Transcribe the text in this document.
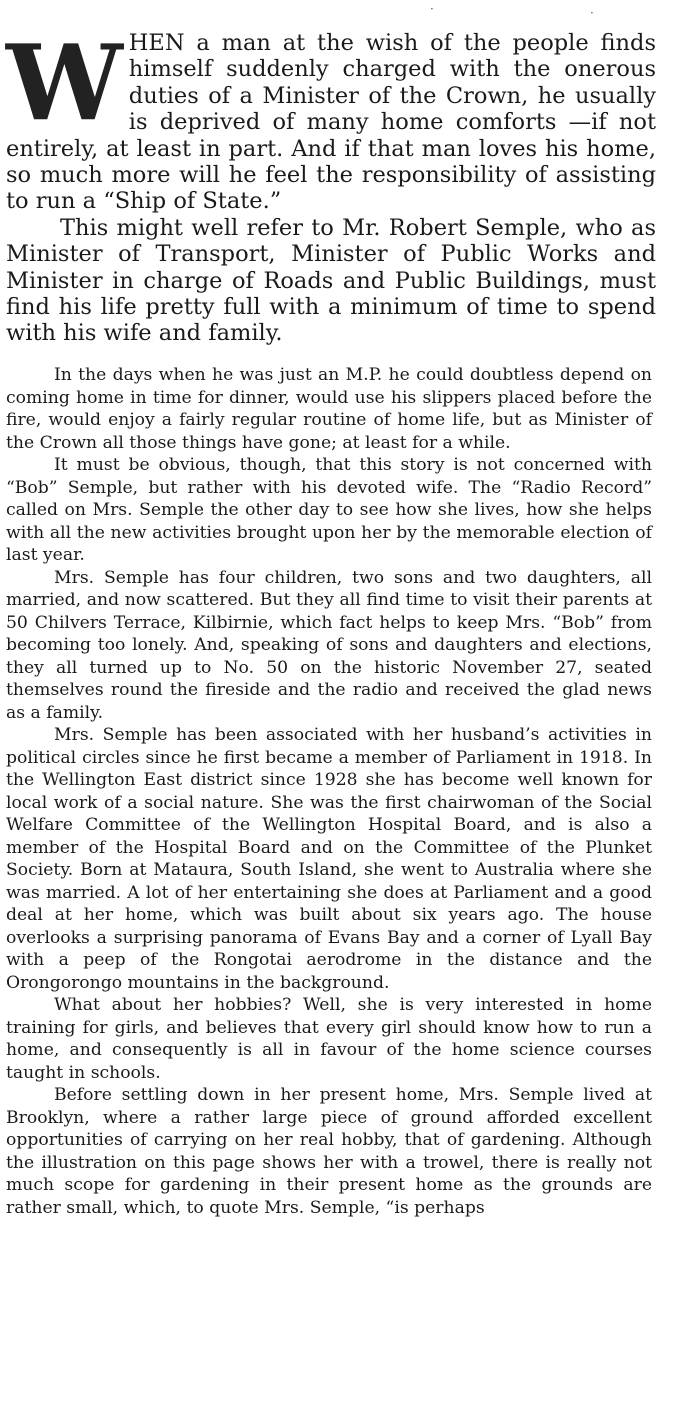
·	·
W HEN a man at the wish of the people finds himself suddenly charged with the onerous duties of a Minister of the Crown, he usually is deprived of many home comforts —if not entirely, at least in part. And if that man loves his home, so much more will he feel the responsibility of assisting to run a “Ship of State.”

This might well refer to Mr. Robert Semple, who as Minister of Transport, Minister of Public Works and Minister in charge of Roads and Public Buildings, must find his life pretty full with a minimum of time to spend with his wife and family.

In the days when he was just an M.P. he could doubtless depend on coming home in time for dinner, would use his slippers placed before the fire, would enjoy a fairly regular routine of home life, but as Minister of the Crown all those things have gone; at least for a while.

It must be obvious, though, that this story is not concerned with “Bob” Semple, but rather with his devoted wife. The “Radio Record” called on Mrs. Semple the other day to see how she lives, how she helps with all the new activities brought upon her by the memorable election of last year.

Mrs. Semple has four children, two sons and two daughters, all married, and now scattered. But they all find time to visit their parents at 50 Chilvers Terrace, Kilbirnie, which fact helps to keep Mrs. “Bob” from becoming too lonely. And, speaking of sons and daughters and elections, they all turned up to No. 50 on the historic November 27, seated themselves round the fireside and the radio and received the glad news as a family.

Mrs. Semple has been associated with her husband’s activities in political circles since he first became a member of Parliament in 1918. In the Wellington East district since 1928 she has become well known for local work of a social nature. She was the first chairwoman of the Social Welfare Committee of the Wellington Hospital Board, and is also a member of the Hospital Board and on the Committee of the Plunket Society. Born at Mataura, South Island, she went to Australia where she was married. A lot of her entertaining she does at Parliament and a good deal at her home, which was built about six years ago. The house overlooks a surprising panorama of Evans Bay and a corner of Lyall Bay with a peep of the Rongotai aerodrome in the distance and the Orongorongo mountains in the background.

What about her hobbies? Well, she is very interested in home training for girls, and believes that every girl should know how to run a home, and consequently is all in favour of the home science courses taught in schools.

Before settling down in her present home, Mrs. Semple lived at Brooklyn, where a rather large piece of ground afforded excellent opportunities of carrying on her real hobby, that of gardening. Although the illustration on this page shows her with a trowel, there is really not much scope for gardening in their present home as the grounds are rather small, which, to quote Mrs. Semple, “is perhaps
